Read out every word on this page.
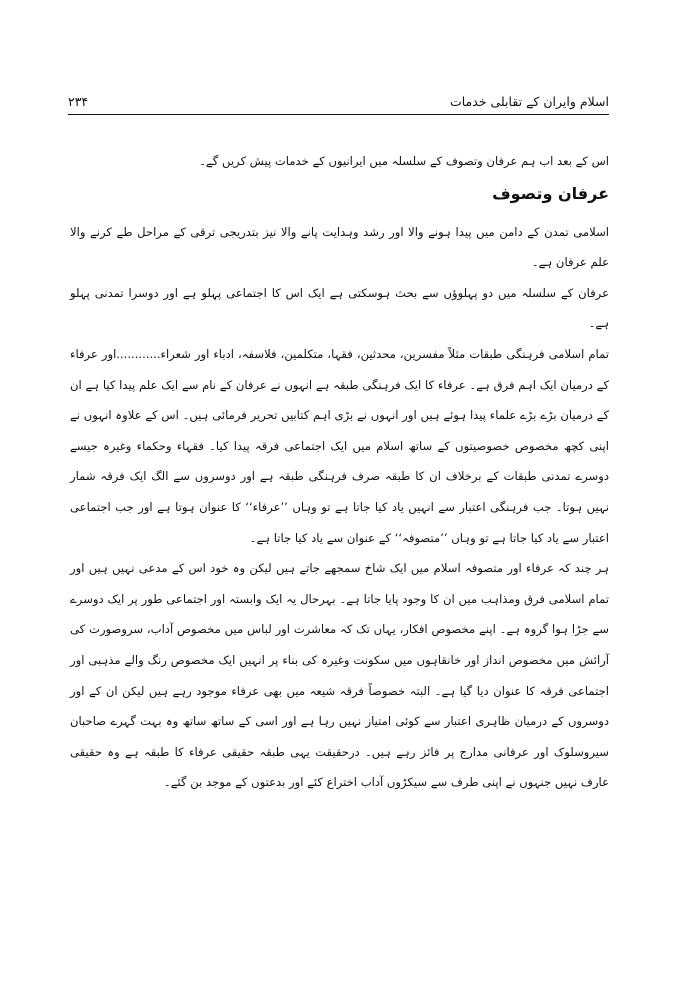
اسلام وایران کے تقابلی خدمات
۲۳۴

اس کے بعد اب ہم عرفان وتصوف کے سلسلہ میں ایرانیوں کے خدمات پیش کریں گے۔

عرفان وتصوف

اسلامی تمدن کے دامن میں پیدا ہونے والا اور رشد وہدایت پانے والا نیز بتدریجی ترقی کے مراحل طے کرنے والا علم عرفان ہے۔

عرفان کے سلسلہ میں دو پہلوؤں سے بحث ہوسکتی ہے ایک اس کا اجتماعی پہلو ہے اور دوسرا تمدنی پہلو ہے۔

تمام اسلامی فرہنگی طبقات مثلاً مفسرین، محدثین، فقہا، متکلمین، فلاسفہ، ادباء اور شعراء............اور عرفاء کے درمیان ایک اہم فرق ہے۔ عرفاء کا ایک فرہنگی طبقہ ہے انہوں نے عرفان کے نام سے ایک علم پیدا کیا ہے ان کے درمیان بڑے بڑے علماء پیدا ہوئے ہیں اور انہوں نے بڑی اہم کتابیں تحریر فرمائی ہیں۔ اس کے علاوہ انہوں نے اپنی کچھ مخصوص خصوصیتوں کے ساتھ اسلام میں ایک اجتماعی فرقہ پیدا کیا۔ فقہاء وحکماء وغیرہ جیسے دوسرے تمدنی طبقات کے برخلاف ان کا طبقہ صرف فرہنگی طبقہ ہے اور دوسروں سے الگ ایک فرقہ شمار نہیں ہوتا۔ جب فرہنگی اعتبار سے انہیں یاد کیا جاتا ہے تو وہاں ’’عرفاء‘‘ کا عنوان ہوتا ہے اور جب اجتماعی اعتبار سے یاد کیا جاتا ہے تو وہاں ’’متصوفہ‘‘ کے عنوان سے یاد کیا جاتا ہے۔

ہر چند کہ عرفاء اور متصوفہ اسلام میں ایک شاخ سمجھے جاتے ہیں لیکن وہ خود اس کے مدعی نہیں ہیں اور تمام اسلامی فرق ومذاہب میں ان کا وجود پایا جاتا ہے۔ بہرحال یہ ایک وابستہ اور اجتماعی طور پر ایک دوسرے سے جڑا ہوا گروہ ہے۔ اپنے مخصوص افکار، یہاں تک کہ معاشرت اور لباس میں مخصوص آداب، سروصورت کی آرائش میں مخصوص انداز اور خانقاہوں میں سکونت وغیرہ کی بناء پر انہیں ایک مخصوص رنگ والے مذہبی اور اجتماعی فرقہ کا عنوان دیا گیا ہے۔ البتہ خصوصاً فرقہ شیعہ میں بھی عرفاء موجود رہے ہیں لیکن ان کے اور دوسروں کے درمیان ظاہری اعتبار سے کوئی امتیاز نہیں رہا ہے اور اسی کے ساتھ ساتھ وہ بہت گہرے صاحبان سیروسلوک اور عرفانی مدارج پر فائز رہے ہیں۔ درحقیقت یہی طبقہ حقیقی عرفاء کا طبقہ ہے وہ حقیقی عارف نہیں جنہوں نے اپنی طرف سے سیکڑوں آداب اختراع کئے اور بدعتوں کے موجد بن گئے۔
